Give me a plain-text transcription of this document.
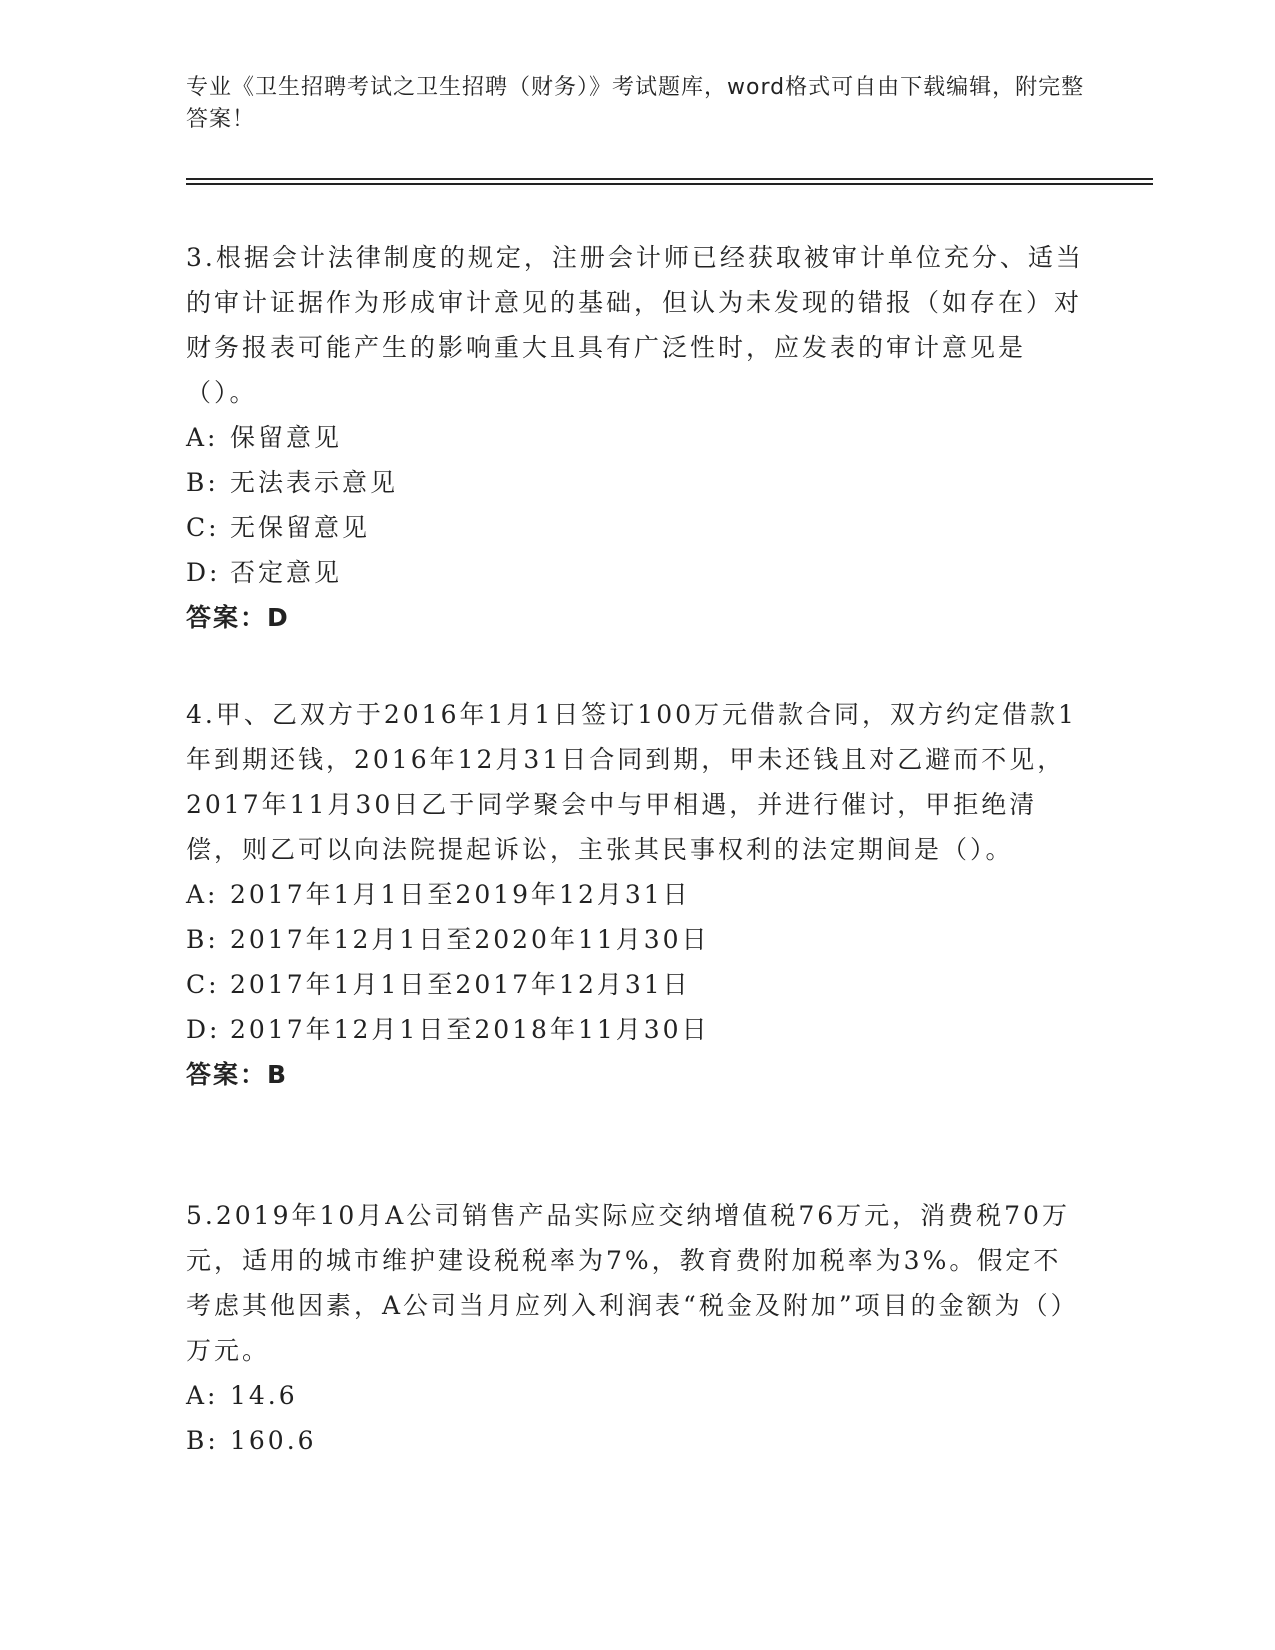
专业《卫生招聘考试之卫生招聘（财务）》考试题库，word格式可自由下载编辑，附完整答案！

3.根据会计法律制度的规定，注册会计师已经获取被审计单位充分、适当的审计证据作为形成审计意见的基础，但认为未发现的错报（如存在）对财务报表可能产生的影响重大且具有广泛性时，应发表的审计意见是（）。

A: 保留意见
B: 无法表示意见
C: 无保留意见
D: 否定意见

答案：D

4.甲、乙双方于2016年1月1日签订100万元借款合同，双方约定借款1年到期还钱，2016年12月31日合同到期，甲未还钱且对乙避而不见，2017年11月30日乙于同学聚会中与甲相遇，并进行催讨，甲拒绝清偿，则乙可以向法院提起诉讼，主张其民事权利的法定期间是（）。

A: 2017年1月1日至2019年12月31日
B: 2017年12月1日至2020年11月30日
C: 2017年1月1日至2017年12月31日
D: 2017年12月1日至2018年11月30日

答案：B

5.2019年10月A公司销售产品实际应交纳增值税76万元，消费税70万元，适用的城市维护建设税税率为7%，教育费附加税率为3%。假定不考虑其他因素，A公司当月应列入利润表“税金及附加”项目的金额为（）万元。

A: 14.6
B: 160.6
